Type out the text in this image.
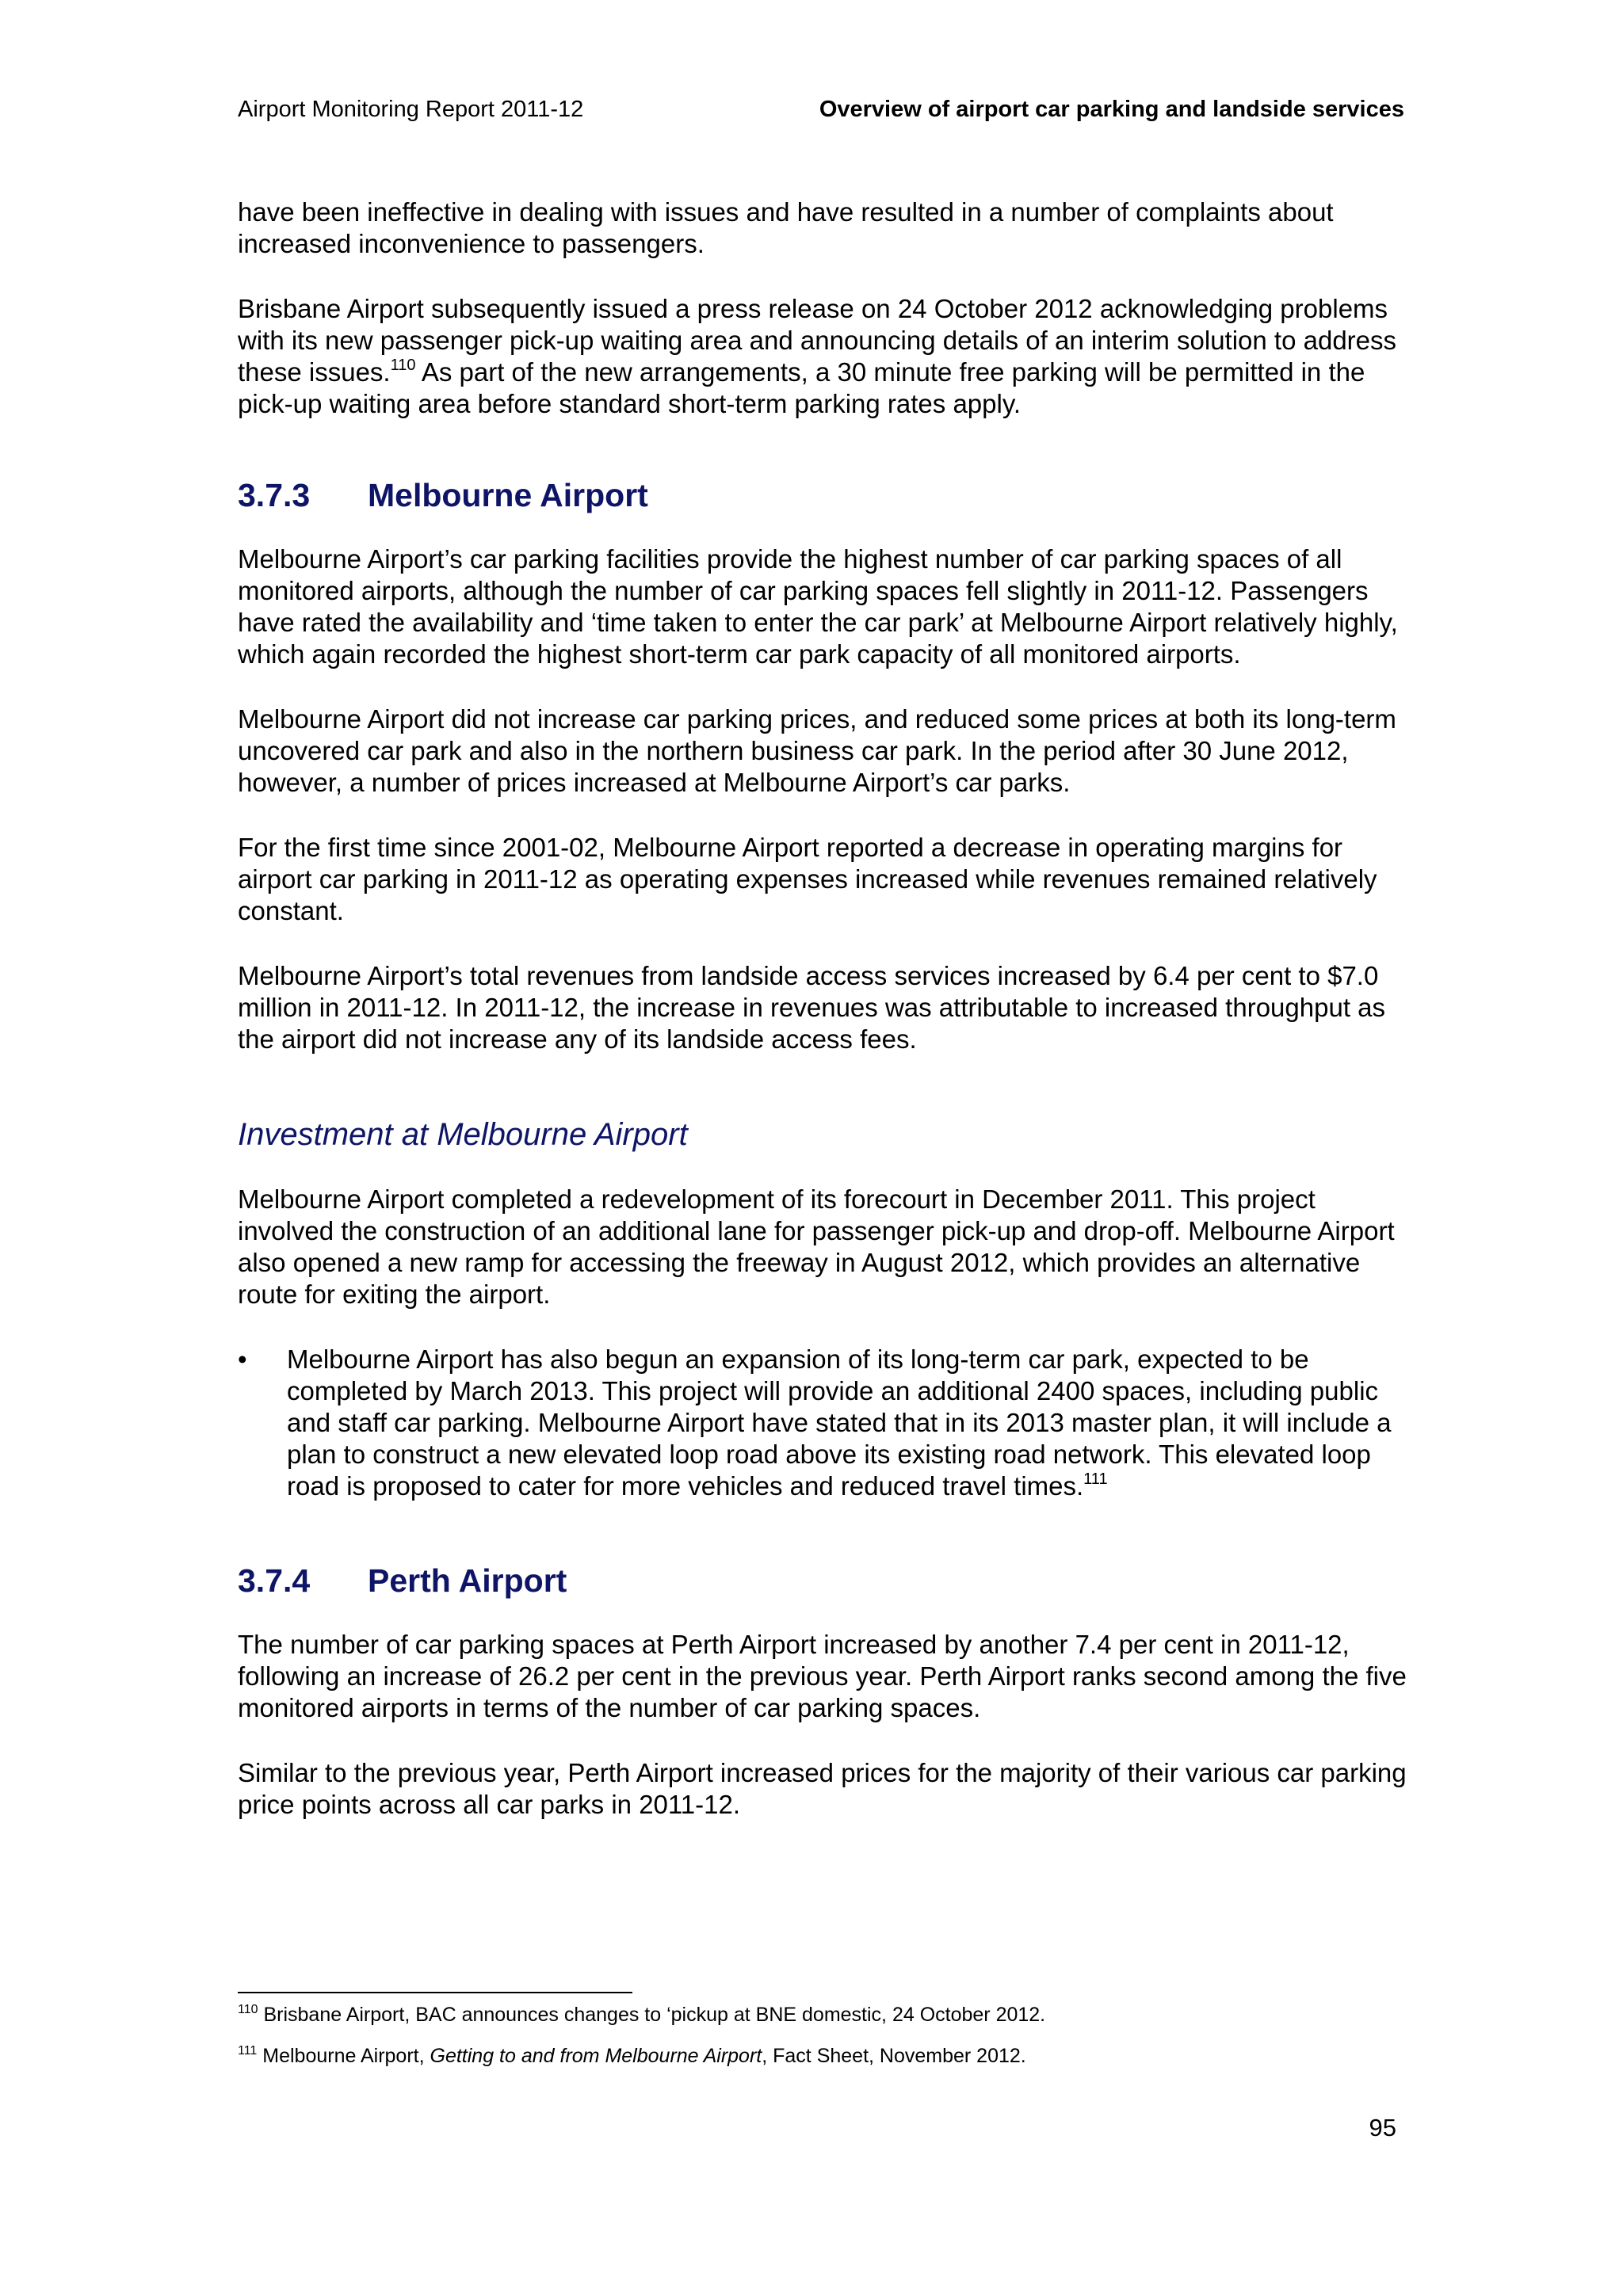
Airport Monitoring Report 2011-12	Overview of airport car parking and landside services

have been ineffective in dealing with issues and have resulted in a number of complaints about increased inconvenience to passengers.

Brisbane Airport subsequently issued a press release on 24 October 2012 acknowledging problems with its new passenger pick-up waiting area and announcing details of an interim solution to address these issues.$^{110}$ As part of the new arrangements, a 30 minute free parking will be permitted in the pick-up waiting area before standard short-term parking rates apply.

3.7.3 Melbourne Airport

Melbourne Airport’s car parking facilities provide the highest number of car parking spaces of all monitored airports, although the number of car parking spaces fell slightly in 2011-12. Passengers have rated the availability and ‘time taken to enter the car park’ at Melbourne Airport relatively highly, which again recorded the highest short-term car park capacity of all monitored airports.

Melbourne Airport did not increase car parking prices, and reduced some prices at both its long-term uncovered car park and also in the northern business car park. In the period after 30 June 2012, however, a number of prices increased at Melbourne Airport’s car parks.

For the first time since 2001-02, Melbourne Airport reported a decrease in operating margins for airport car parking in 2011-12 as operating expenses increased while revenues remained relatively constant.

Melbourne Airport’s total revenues from landside access services increased by 6.4 per cent to $7.0 million in 2011-12. In 2011-12, the increase in revenues was attributable to increased throughput as the airport did not increase any of its landside access fees.

Investment at Melbourne Airport

Melbourne Airport completed a redevelopment of its forecourt in December 2011. This project involved the construction of an additional lane for passenger pick-up and drop-off. Melbourne Airport also opened a new ramp for accessing the freeway in August 2012, which provides an alternative route for exiting the airport.

• Melbourne Airport has also begun an expansion of its long-term car park, expected to be completed by March 2013. This project will provide an additional 2400 spaces, including public and staff car parking. Melbourne Airport have stated that in its 2013 master plan, it will include a plan to construct a new elevated loop road above its existing road network. This elevated loop road is proposed to cater for more vehicles and reduced travel times.$^{111}$
3.7.4 Perth Airport

The number of car parking spaces at Perth Airport increased by another 7.4 per cent in 2011-12, following an increase of 26.2 per cent in the previous year. Perth Airport ranks second among the five monitored airports in terms of the number of car parking spaces.

Similar to the previous year, Perth Airport increased prices for the majority of their various car parking price points across all car parks in 2011-12.

$^{110}$ Brisbane Airport, BAC announces changes to ‘pickup at BNE domestic, 24 October 2012.

$^{111}$ Melbourne Airport, Getting to and from Melbourne Airport, Fact Sheet, November 2012.

95
